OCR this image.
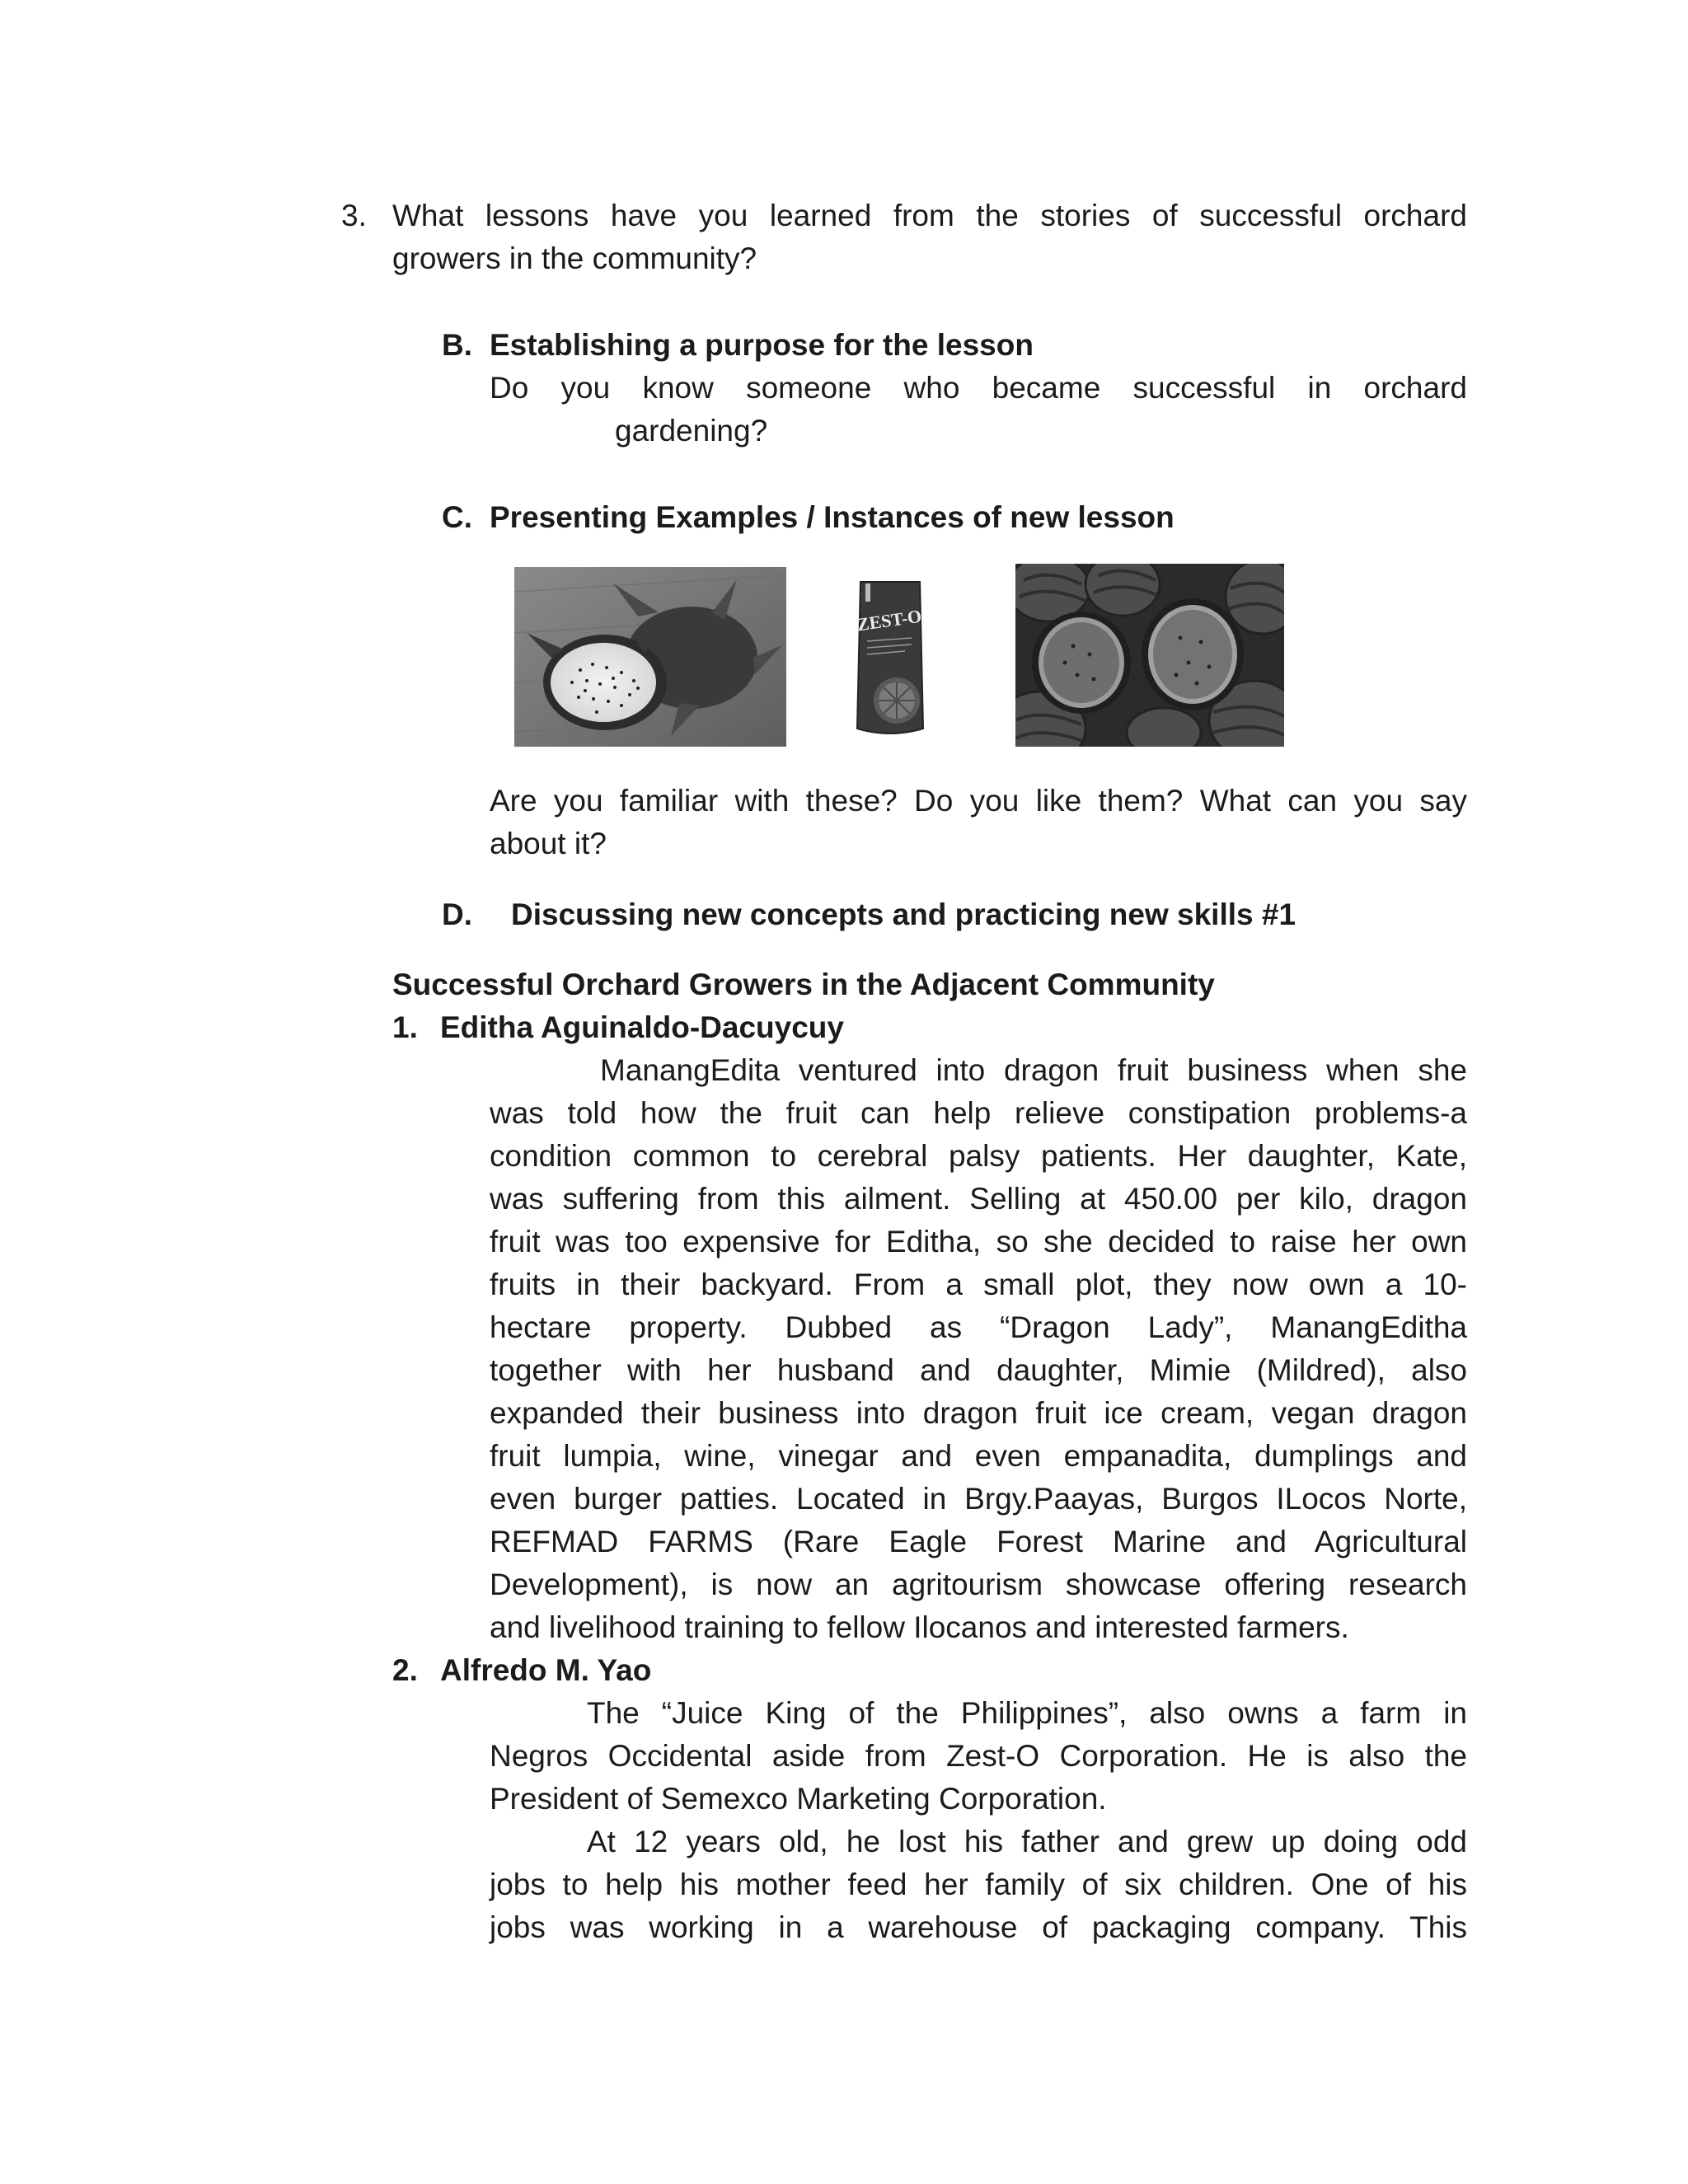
3. What lessons have you learned from the stories of successful orchard
growers in the community?
B. Establishing a purpose for the lesson
Do you know someone who became successful in orchard
gardening?
C. Presenting Examples / Instances of new lesson
ZEST-O
Are you familiar with these? Do you like them? What can you say
about it?
D. Discussing new concepts and practicing new skills #1
Successful Orchard Growers in the Adjacent Community
1. Editha Aguinaldo-Dacuycuy
ManangEdita ventured into dragon fruit business when she
was told how the fruit can help relieve constipation problems-a
condition common to cerebral palsy patients. Her daughter, Kate,
was suffering from this ailment. Selling at 450.00 per kilo, dragon
fruit was too expensive for Editha, so she decided to raise her own
fruits in their backyard. From a small plot, they now own a 10-
hectare property. Dubbed as “Dragon Lady”, ManangEditha
together with her husband and daughter, Mimie (Mildred), also
expanded their business into dragon fruit ice cream, vegan dragon
fruit lumpia, wine, vinegar and even empanadita, dumplings and
even burger patties. Located in Brgy.Paayas, Burgos ILocos Norte,
REFMAD FARMS (Rare Eagle Forest Marine and Agricultural
Development), is now an agritourism showcase offering research
and livelihood training to fellow Ilocanos and interested farmers.
2. Alfredo M. Yao
The “Juice King of the Philippines”, also owns a farm in
Negros Occidental aside from Zest-O Corporation. He is also the
President of Semexco Marketing Corporation.
At 12 years old, he lost his father and grew up doing odd
jobs to help his mother feed her family of six children. One of his
jobs was working in a warehouse of packaging company. This
